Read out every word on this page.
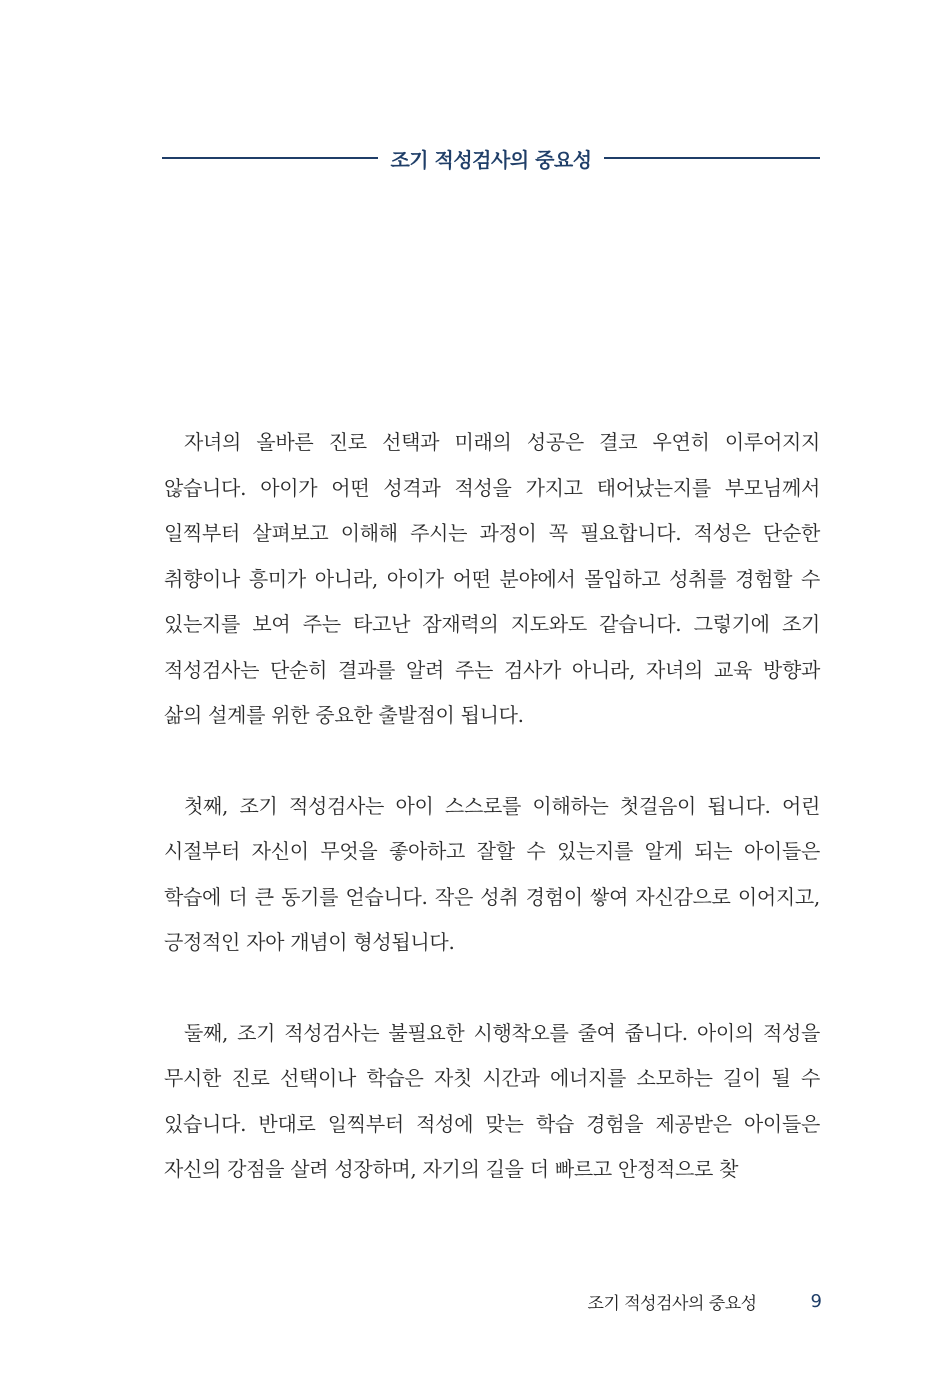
조기 적성검사의 중요성

자녀의 올바른 진로 선택과 미래의 성공은 결코 우연히 이루어지지 않습니다. 아이가 어떤 성격과 적성을 가지고 태어났는지를 부모님께서 일찍부터 살펴보고 이해해 주시는 과정이 꼭 필요합니다. 적성은 단순한 취향이나 흥미가 아니라, 아이가 어떤 분야에서 몰입하고 성취를 경험할 수 있는지를 보여 주는 타고난 잠재력의 지도와도 같습니다. 그렇기에 조기 적성검사는 단순히 결과를 알려 주는 검사가 아니라, 자녀의 교육 방향과 삶의 설계를 위한 중요한 출발점이 됩니다.

첫째, 조기 적성검사는 아이 스스로를 이해하는 첫걸음이 됩니다. 어린 시절부터 자신이 무엇을 좋아하고 잘할 수 있는지를 알게 되는 아이들은 학습에 더 큰 동기를 얻습니다. 작은 성취 경험이 쌓여 자신감으로 이어지고, 긍정적인 자아 개념이 형성됩니다.

둘째, 조기 적성검사는 불필요한 시행착오를 줄여 줍니다. 아이의 적성을 무시한 진로 선택이나 학습은 자칫 시간과 에너지를 소모하는 길이 될 수 있습니다. 반대로 일찍부터 적성에 맞는 학습 경험을 제공받은 아이들은 자신의 강점을 살려 성장하며, 자기의 길을 더 빠르고 안정적으로 찾

조기 적성검사의 중요성	9
